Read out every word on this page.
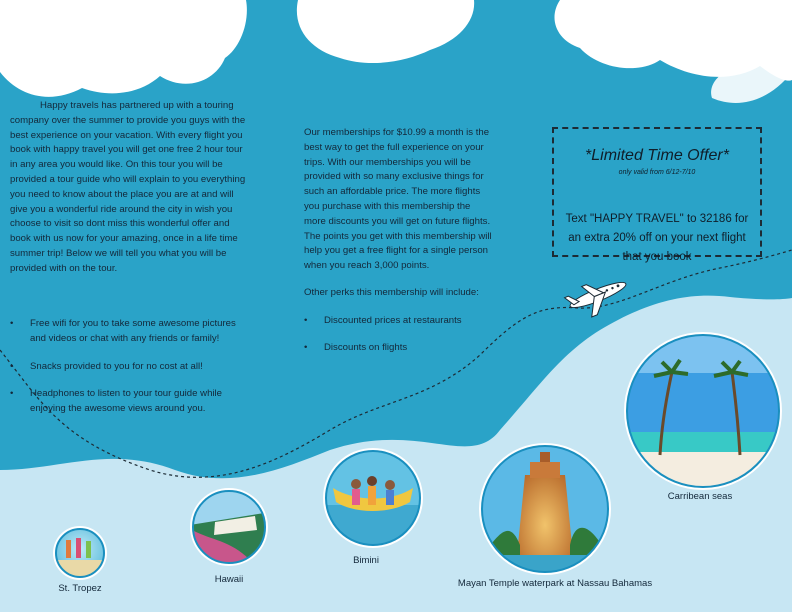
Happy travels has partnered up with a touring company over the summer to provide you guys with the best experience on your vacation. With every flight you book with happy travel you will get one free 2 hour tour in any area you would like. On this tour you will be provided a tour guide who will explain to you everything you need to know about the place you are at and will give you a wonderful ride around the city in wish you choose to visit so dont miss this wonderful offer and book with us now for your amazing, once in a life time summer trip! Below we will tell you what you will be provided with on the tour.
• Free wifi for you to take some awesome pictures and videos or chat with any friends or family!
• Snacks provided to you for no cost at all!
• Headphones to listen to your tour guide while enjoying the awesome views around you.
Our memberships for $10.99 a month is the best way to get the full experience on your trips. With our memberships you will be provided with so many exclusive things for such an affordable price. The more flights you purchase with this membership the more discounts you will get on future flights. The points you get with this membership will help you get a free flight for a single person when you reach 3,000 points.
Other perks this membership will include:
• Discounted prices at restaurants
• Discounts on flights
*Limited Time Offer*
only valid from 6/12-7/10
Text "HAPPY TRAVEL" to 32186 for an extra 20% off on your next flight that you book
St. Tropez
Hawaii
Bimini
Mayan Temple waterpark at Nassau Bahamas
Carribean seas
